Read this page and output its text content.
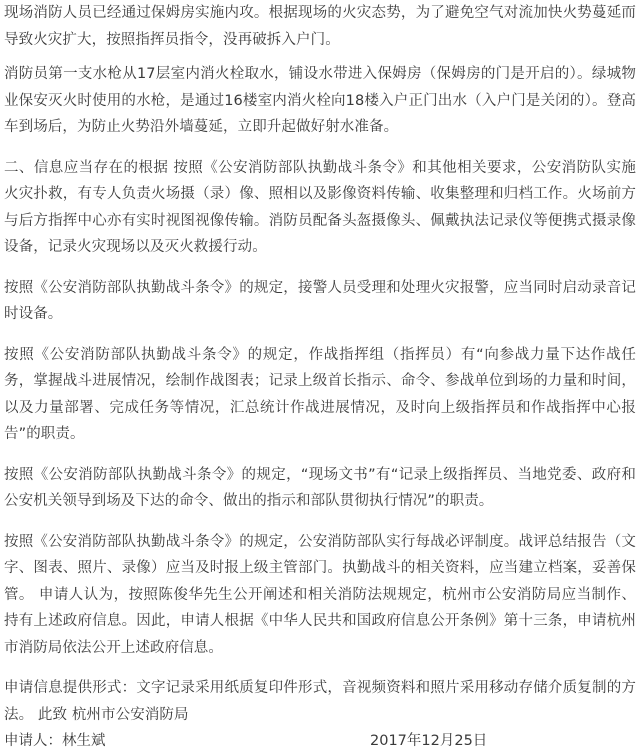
现场消防人员已经通过保姆房实施内攻。根据现场的火灾态势，为了避免空气对流加快火势蔓延而导致火灾扩大，按照指挥员指令，没再破拆入户门。

消防员第一支水枪从17层室内消火栓取水，铺设水带进入保姆房（保姆房的门是开启的）。绿城物业保安灭火时使用的水枪，是通过16楼室内消火栓向18楼入户正门出水（入户门是关闭的）。登高车到场后，为防止火势沿外墙蔓延，立即升起做好射水准备。

二、信息应当存在的根据 按照《公安消防部队执勤战斗条令》和其他相关要求，公安消防队实施火灾扑救，有专人负责火场摄（录）像、照相以及影像资料传输、收集整理和归档工作。火场前方与后方指挥中心亦有实时视图视像传输。消防员配备头盔摄像头、佩戴执法记录仪等便携式摄录像设备，记录火灾现场以及灭火救援行动。

按照《公安消防部队执勤战斗条令》的规定，接警人员受理和处理火灾报警，应当同时启动录音记时设备。

按照《公安消防部队执勤战斗条令》的规定，作战指挥组（指挥员）有“向参战力量下达作战任务，掌握战斗进展情况，绘制作战图表；记录上级首长指示、命令、参战单位到场的力量和时间，以及力量部署、完成任务等情况，汇总统计作战进展情况，及时向上级指挥员和作战指挥中心报告”的职责。

按照《公安消防部队执勤战斗条令》的规定，“现场文书”有“记录上级指挥员、当地党委、政府和公安机关领导到场及下达的命令、做出的指示和部队贯彻执行情况”的职责。

按照《公安消防部队执勤战斗条令》的规定，公安消防部队实行每战必评制度。战评总结报告（文字、图表、照片、录像）应当及时报上级主管部门。执勤战斗的相关资料，应当建立档案，妥善保管。 申请人认为，按照陈俊华先生公开阐述和相关消防法规规定，杭州市公安消防局应当制作、持有上述政府信息。因此，申请人根据《中华人民共和国政府信息公开条例》第十三条，申请杭州市消防局依法公开上述政府信息。

申请信息提供形式：文字记录采用纸质复印件形式，音视频资料和照片采用移动存储介质复制的方法。 此致 杭州市公安消防局

申请人：林生斌	2017年12月25日
